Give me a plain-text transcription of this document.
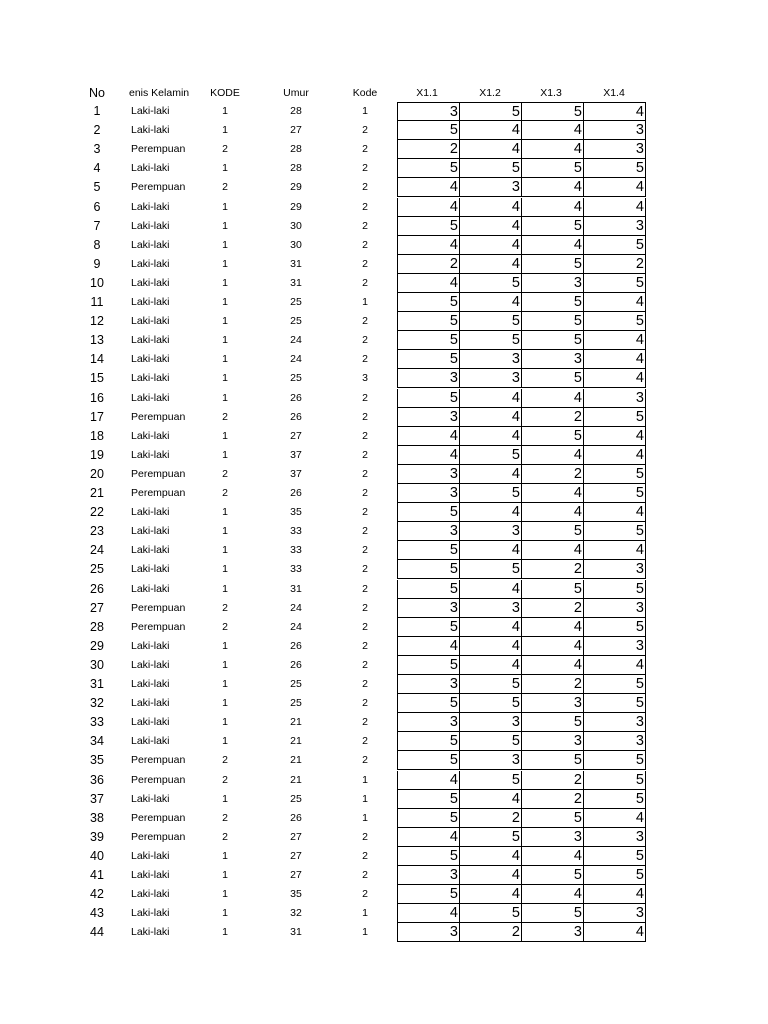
No	enis Kelamin	KODE	Umur	Kode	X1.1	X1.2	X1.3	X1.4
1	Laki-laki	1	28	1	3	5	5	4
2	Laki-laki	1	27	2	5	4	4	3
3	Perempuan	2	28	2	2	4	4	3
4	Laki-laki	1	28	2	5	5	5	5
5	Perempuan	2	29	2	4	3	4	4
6	Laki-laki	1	29	2	4	4	4	4
7	Laki-laki	1	30	2	5	4	5	3
8	Laki-laki	1	30	2	4	4	4	5
9	Laki-laki	1	31	2	2	4	5	2
10	Laki-laki	1	31	2	4	5	3	5
11	Laki-laki	1	25	1	5	4	5	4
12	Laki-laki	1	25	2	5	5	5	5
13	Laki-laki	1	24	2	5	5	5	4
14	Laki-laki	1	24	2	5	3	3	4
15	Laki-laki	1	25	3	3	3	5	4
16	Laki-laki	1	26	2	5	4	4	3
17	Perempuan	2	26	2	3	4	2	5
18	Laki-laki	1	27	2	4	4	5	4
19	Laki-laki	1	37	2	4	5	4	4
20	Perempuan	2	37	2	3	4	2	5
21	Perempuan	2	26	2	3	5	4	5
22	Laki-laki	1	35	2	5	4	4	4
23	Laki-laki	1	33	2	3	3	5	5
24	Laki-laki	1	33	2	5	4	4	4
25	Laki-laki	1	33	2	5	5	2	3
26	Laki-laki	1	31	2	5	4	5	5
27	Perempuan	2	24	2	3	3	2	3
28	Perempuan	2	24	2	5	4	4	5
29	Laki-laki	1	26	2	4	4	4	3
30	Laki-laki	1	26	2	5	4	4	4
31	Laki-laki	1	25	2	3	5	2	5
32	Laki-laki	1	25	2	5	5	3	5
33	Laki-laki	1	21	2	3	3	5	3
34	Laki-laki	1	21	2	5	5	3	3
35	Perempuan	2	21	2	5	3	5	5
36	Perempuan	2	21	1	4	5	2	5
37	Laki-laki	1	25	1	5	4	2	5
38	Perempuan	2	26	1	5	2	5	4
39	Perempuan	2	27	2	4	5	3	3
40	Laki-laki	1	27	2	5	4	4	5
41	Laki-laki	1	27	2	3	4	5	5
42	Laki-laki	1	35	2	5	4	4	4
43	Laki-laki	1	32	1	4	5	5	3
44	Laki-laki	1	31	1	3	2	3	4
